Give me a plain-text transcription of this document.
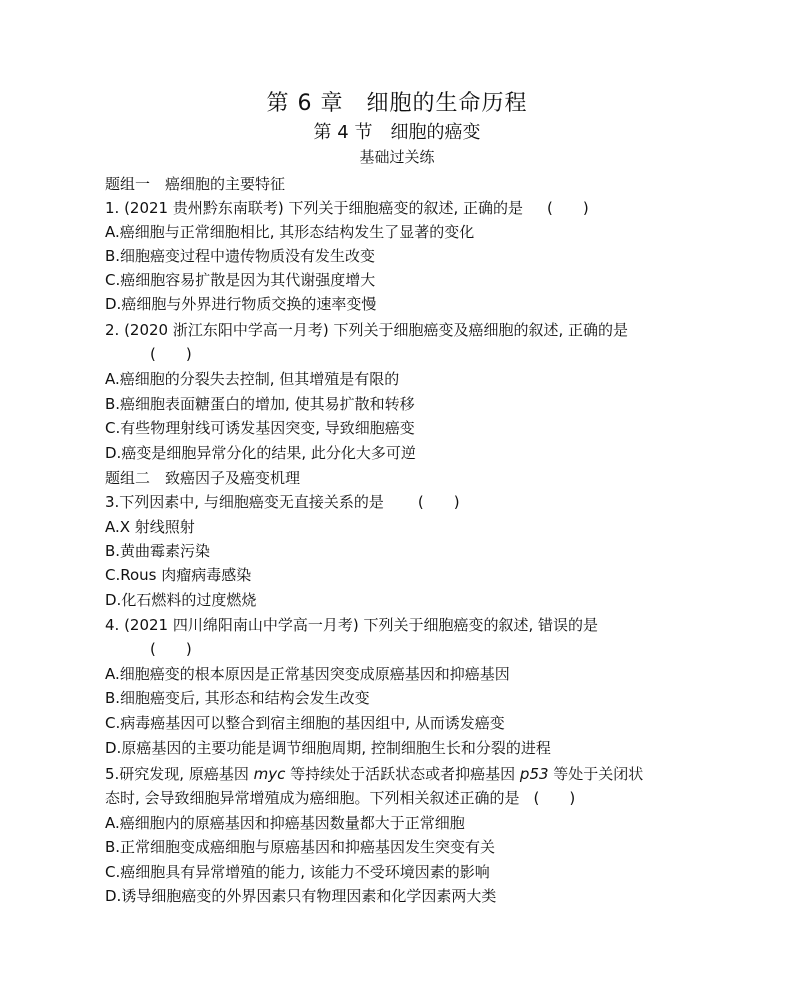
第 6 章　细胞的生命历程
第 4 节　细胞的癌变
基础过关练
题组一　癌细胞的主要特征
1. (2021 贵州黔东南联考) 下列关于细胞癌变的叙述, 正确的是 (　　)
A.癌细胞与正常细胞相比, 其形态结构发生了显著的变化
B.细胞癌变过程中遗传物质没有发生改变
C.癌细胞容易扩散是因为其代谢强度增大
D.癌细胞与外界进行物质交换的速率变慢
2. (2020 浙江东阳中学高一月考) 下列关于细胞癌变及癌细胞的叙述, 正确的是
(　　)
A.癌细胞的分裂失去控制, 但其增殖是有限的
B.癌细胞表面糖蛋白的增加, 使其易扩散和转移
C.有些物理射线可诱发基因突变, 导致细胞癌变
D.癌变是细胞异常分化的结果, 此分化大多可逆
题组二　致癌因子及癌变机理
3.下列因素中, 与细胞癌变无直接关系的是 (　　)
A.X 射线照射
B.黄曲霉素污染
C.Rous 肉瘤病毒感染
D.化石燃料的过度燃烧
4. (2021 四川绵阳南山中学高一月考) 下列关于细胞癌变的叙述, 错误的是
(　　)
A.细胞癌变的根本原因是正常基因突变成原癌基因和抑癌基因
B.细胞癌变后, 其形态和结构会发生改变
C.病毒癌基因可以整合到宿主细胞的基因组中, 从而诱发癌变
D.原癌基因的主要功能是调节细胞周期, 控制细胞生长和分裂的进程
5.研究发现, 原癌基因 myc 等持续处于活跃状态或者抑癌基因 p53 等处于关闭状
态时, 会导致细胞异常增殖成为癌细胞。下列相关叙述正确的是 (　　)
A.癌细胞内的原癌基因和抑癌基因数量都大于正常细胞
B.正常细胞变成癌细胞与原癌基因和抑癌基因发生突变有关
C.癌细胞具有异常增殖的能力, 该能力不受环境因素的影响
D.诱导细胞癌变的外界因素只有物理因素和化学因素两大类
